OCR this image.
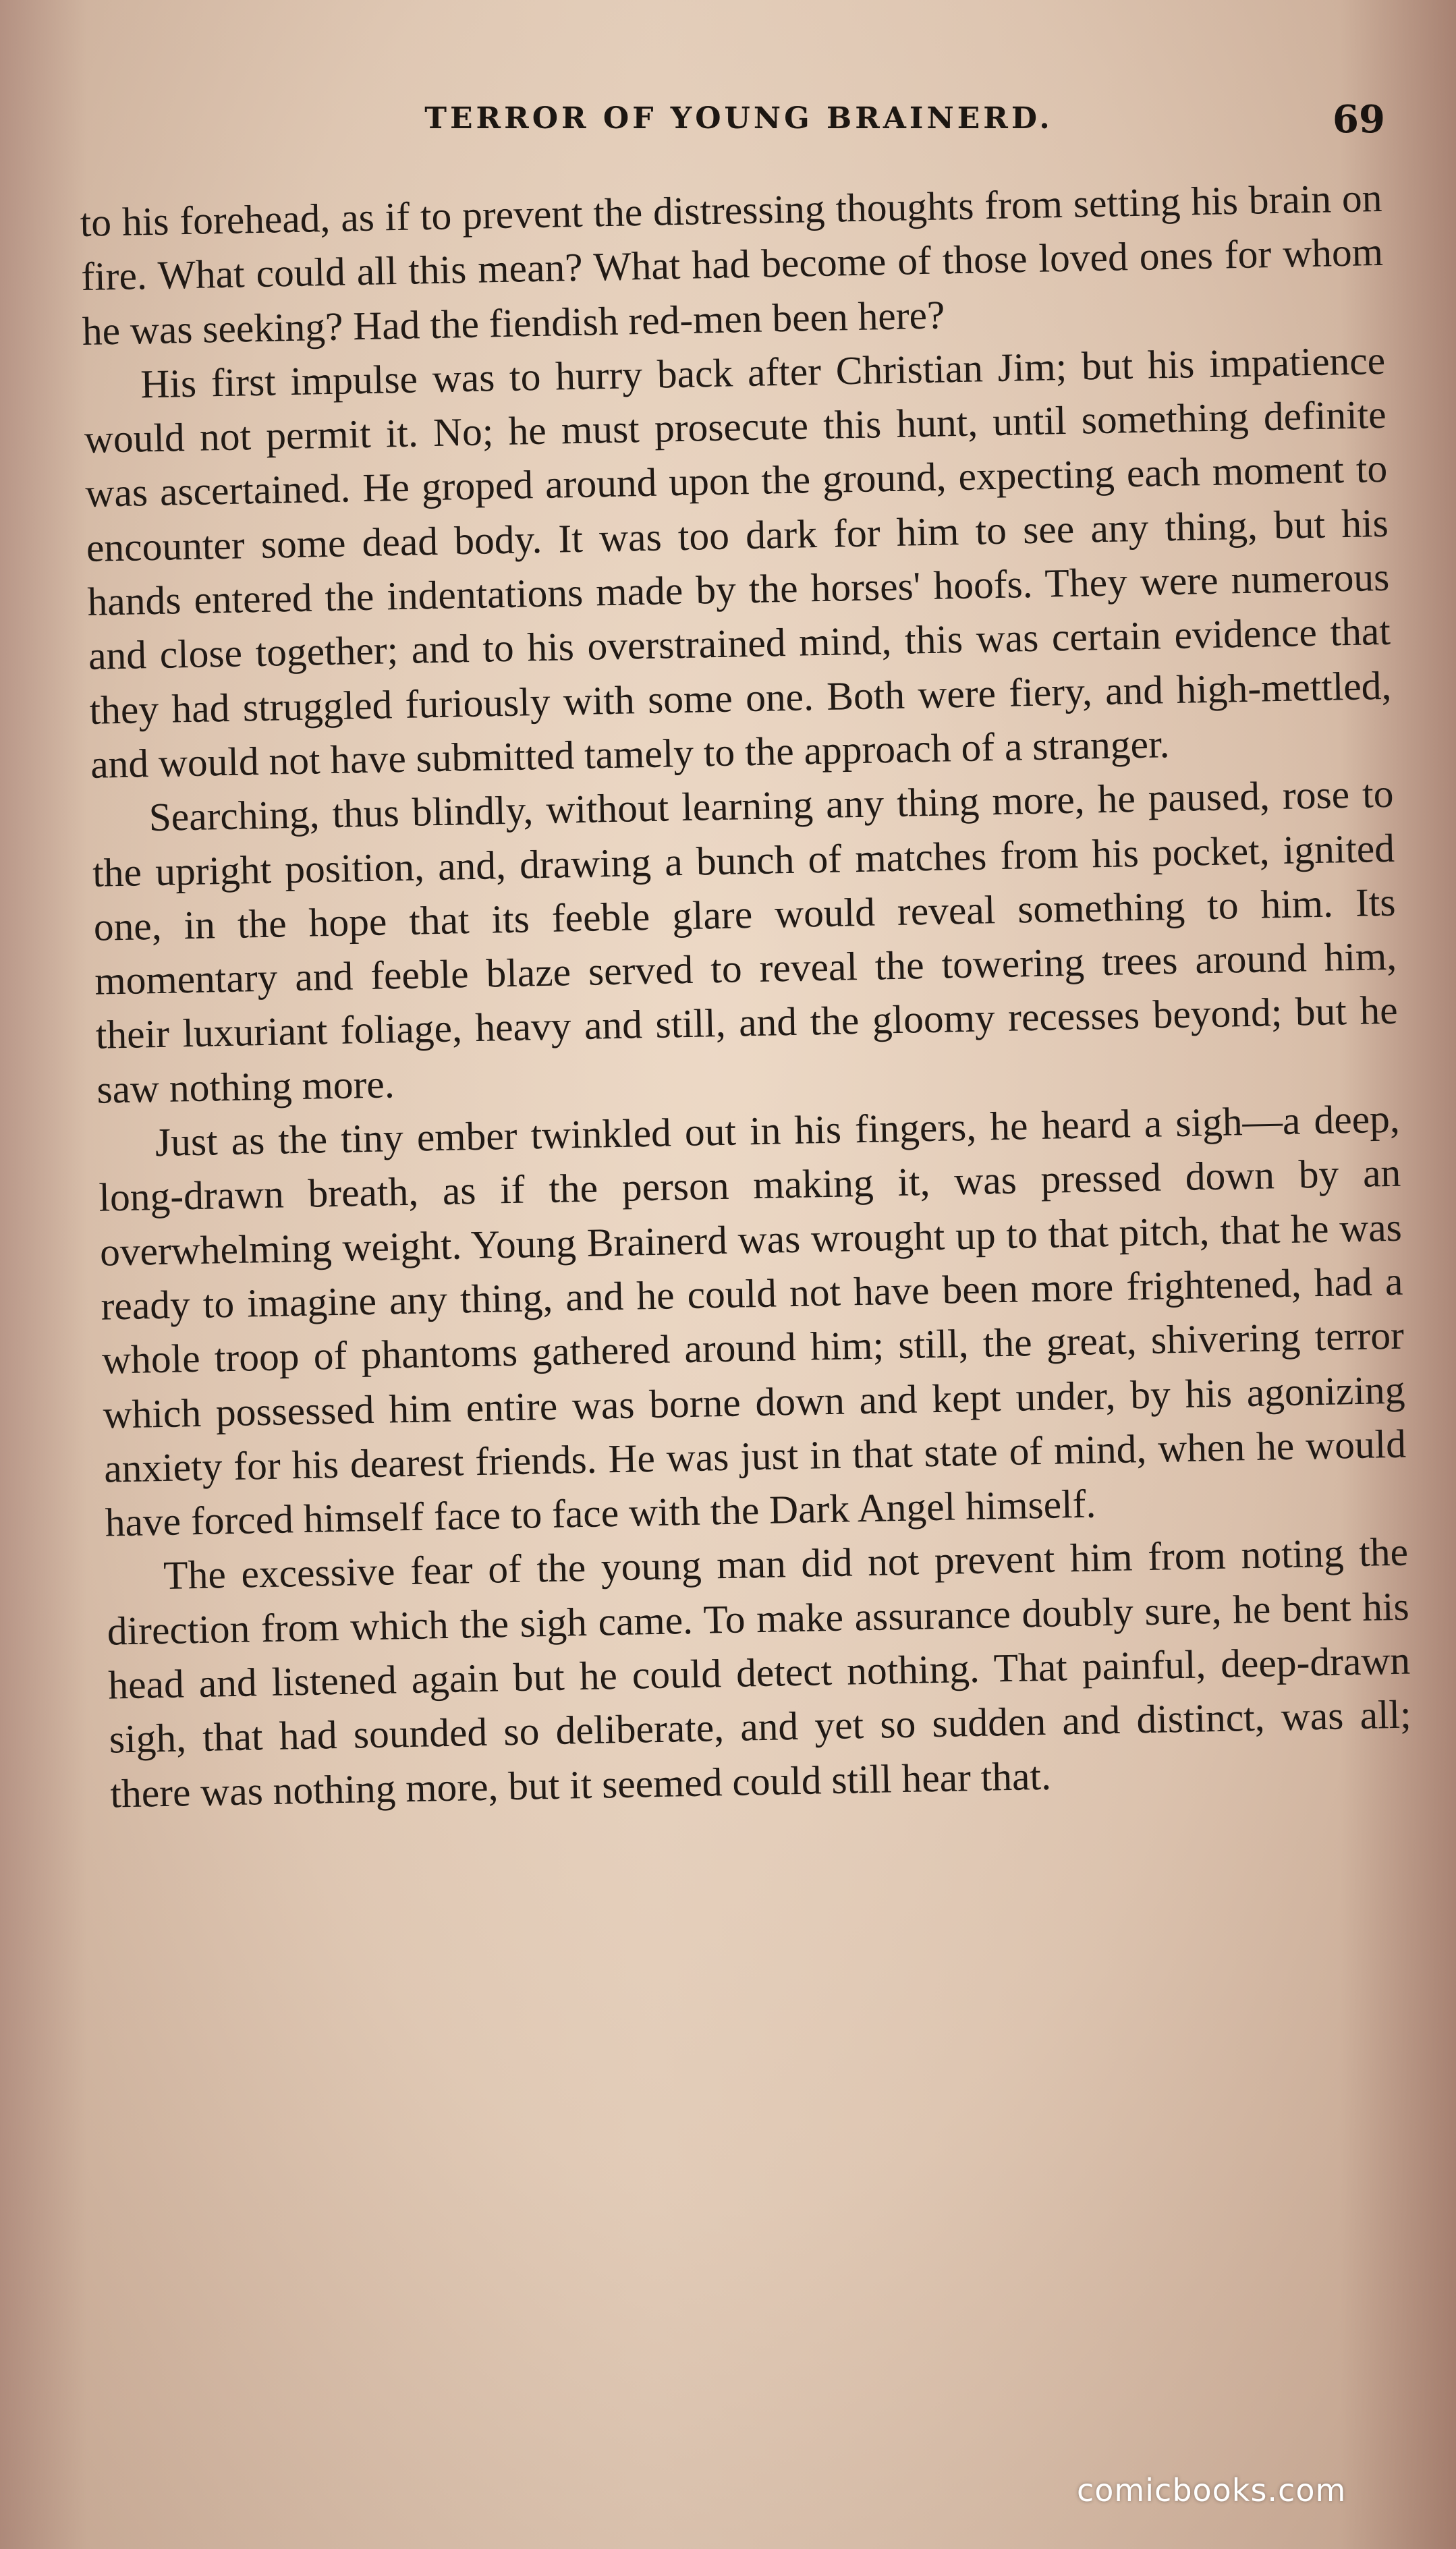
TERROR OF YOUNG BRAINERD.	69

to his forehead, as if to prevent the distressing thoughts from setting his brain on fire. What could all this mean? What had become of those loved ones for whom he was seeking? Had the fiendish red-men been here?

His first impulse was to hurry back after Christian Jim; but his impatience would not permit it. No; he must prosecute this hunt, until something definite was ascertained. He groped around upon the ground, expecting each moment to encounter some dead body. It was too dark for him to see any thing, but his hands entered the indentations made by the horses' hoofs. They were numerous and close together; and to his overstrained mind, this was certain evidence that they had struggled furiously with some one. Both were fiery, and high-mettled, and would not have submitted tamely to the approach of a stranger.

Searching, thus blindly, without learning any thing more, he paused, rose to the upright position, and, drawing a bunch of matches from his pocket, ignited one, in the hope that its feeble glare would reveal something to him. Its momentary and feeble blaze served to reveal the towering trees around him, their luxuriant foliage, heavy and still, and the gloomy recesses beyond; but he saw nothing more.

Just as the tiny ember twinkled out in his fingers, he heard a sigh—a deep, long-drawn breath, as if the person making it, was pressed down by an overwhelming weight. Young Brainerd was wrought up to that pitch, that he was ready to imagine any thing, and he could not have been more frightened, had a whole troop of phantoms gathered around him; still, the great, shivering terror which possessed him entire was borne down and kept under, by his agonizing anxiety for his dearest friends. He was just in that state of mind, when he would have forced himself face to face with the Dark Angel himself.

The excessive fear of the young man did not prevent him from noting the direction from which the sigh came. To make assurance doubly sure, he bent his head and listened again but he could detect nothing. That painful, deep-drawn sigh, that had sounded so deliberate, and yet so sudden and distinct, was all; there was nothing more, but it seemed could still hear that.

comicbooks.com
